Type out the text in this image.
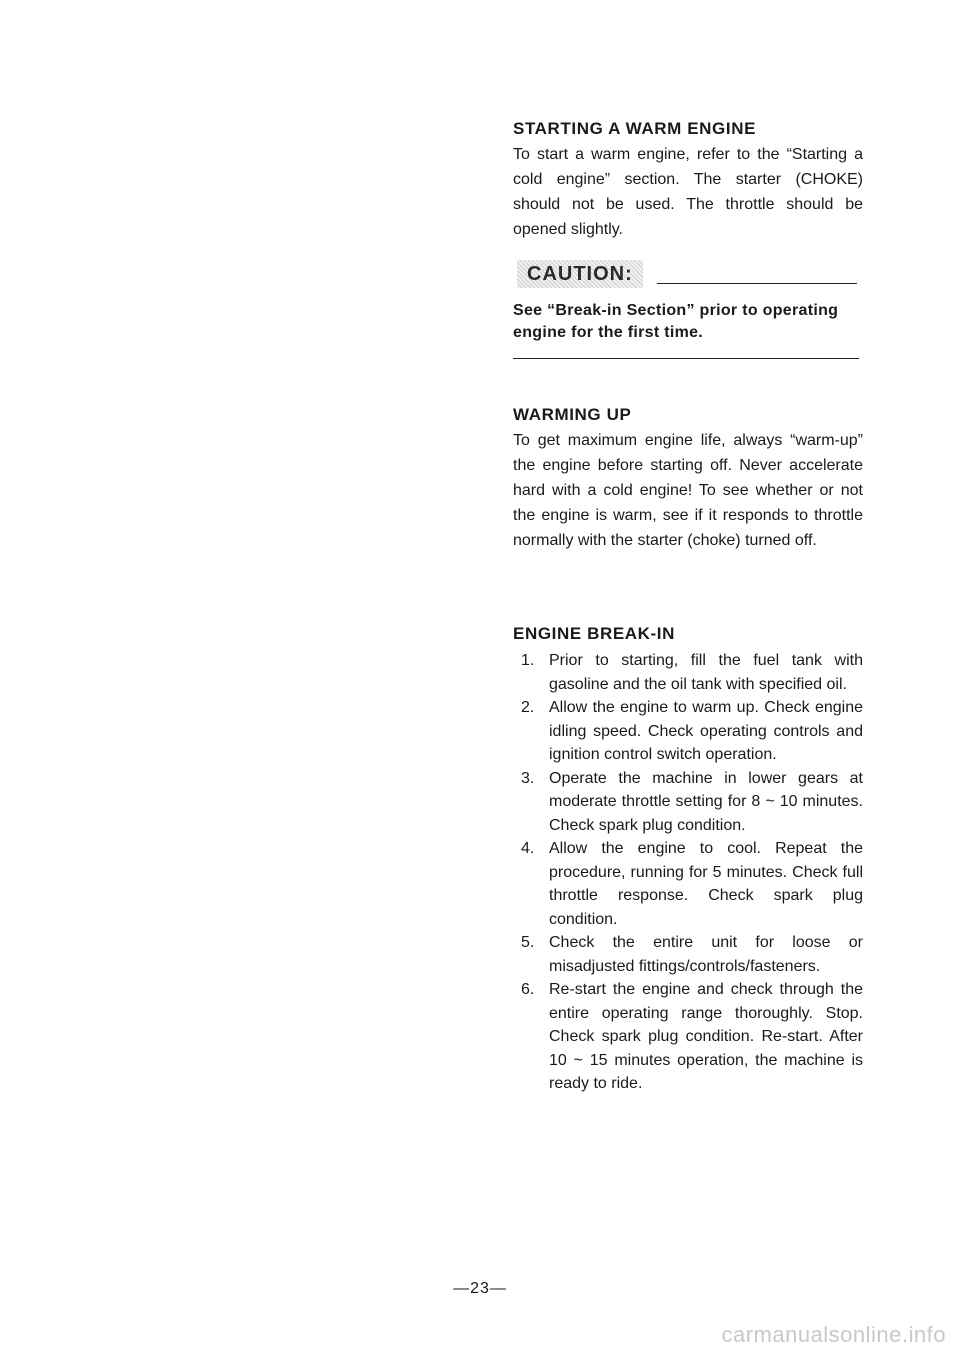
STARTING A WARM ENGINE

To start a warm engine, refer to the “Starting a cold engine” section. The starter (CHOKE) should not be used. The throttle should be opened slightly.

CAUTION:

See “Break-in Section” prior to operating engine for the first time.

WARMING UP

To get maximum engine life, always “warm-up” the engine before starting off. Never accelerate hard with a cold engine! To see whether or not the engine is warm, see if it responds to throttle normally with the starter (choke) turned off.

ENGINE BREAK-IN
1. Prior to starting, fill the fuel tank with gasoline and the oil tank with specified oil.
2. Allow the engine to warm up. Check engine idling speed. Check operating controls and ignition control switch operation.
3. Operate the machine in lower gears at moderate throttle setting for 8 ~ 10 minutes. Check spark plug condition.
4. Allow the engine to cool. Repeat the procedure, running for 5 minutes. Check full throttle response. Check spark plug condition.
5. Check the entire unit for loose or misadjusted fittings/controls/fasteners.
6. Re-start the engine and check through the entire operating range thoroughly. Stop. Check spark plug condition. Re-start. After 10 ~ 15 minutes operation, the machine is ready to ride.
—23—
carmanualsonline.info
